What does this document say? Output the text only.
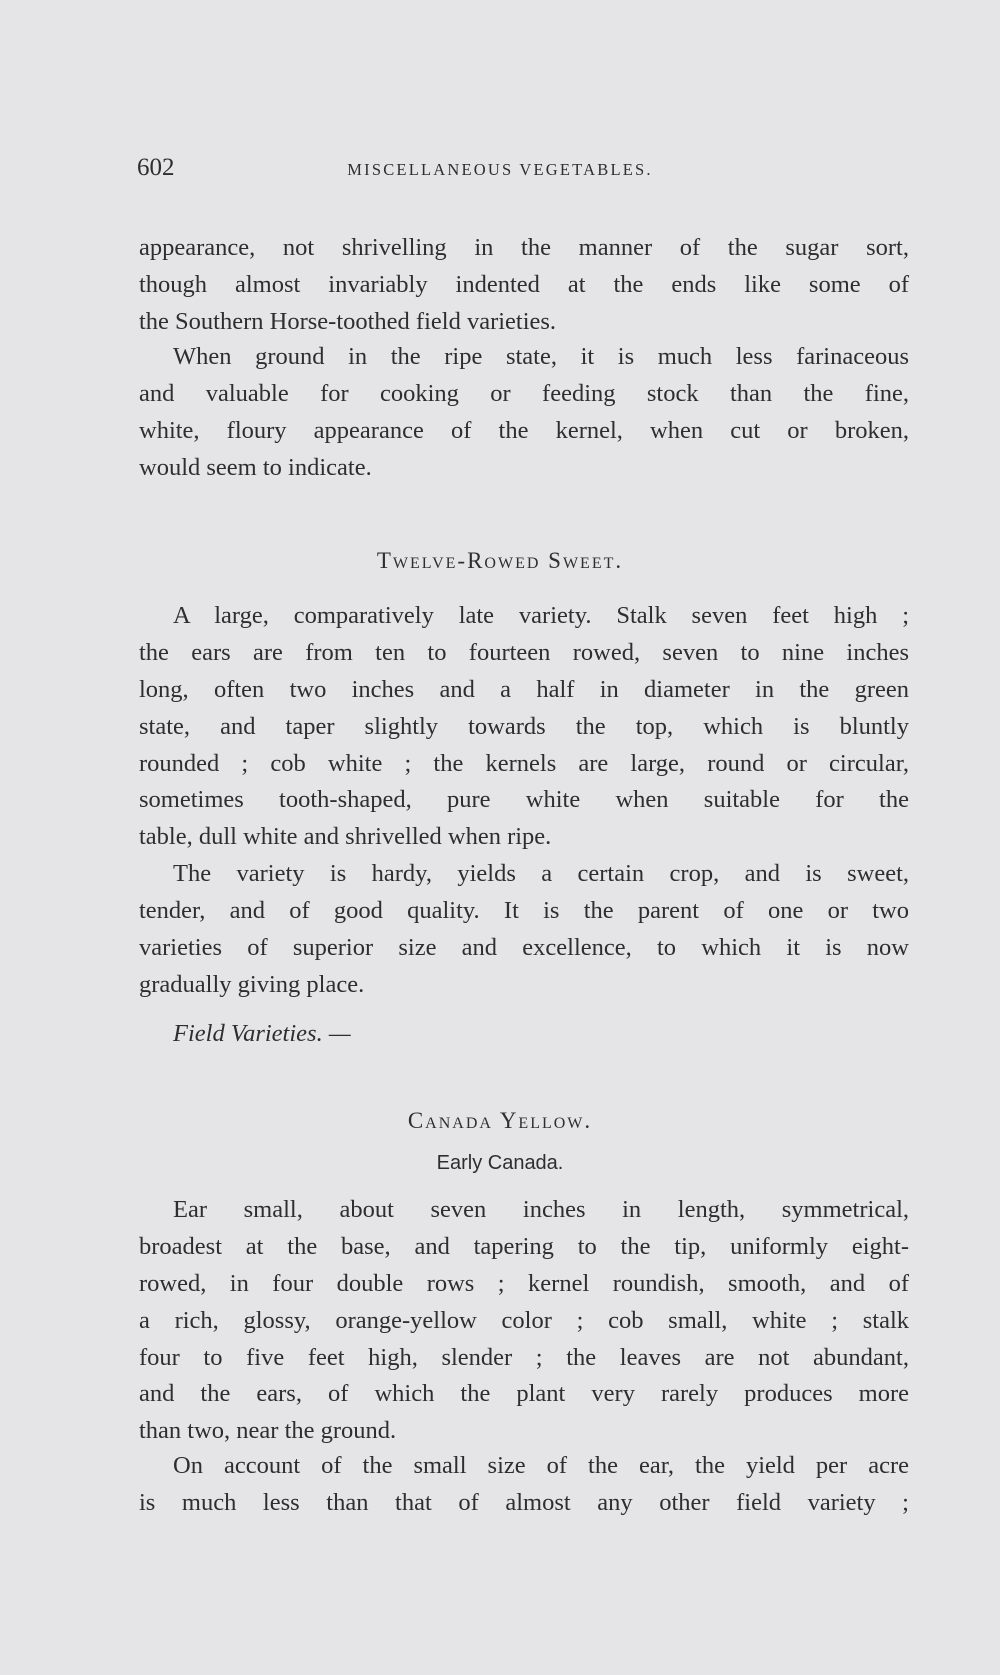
602	MISCELLANEOUS VEGETABLES.
appearance, not shrivelling in the manner of the sugar sort,
though almost invariably indented at the ends like some of
the Southern Horse-toothed field varieties.
When ground in the ripe state, it is much less farinaceous
and valuable for cooking or feeding stock than the fine,
white, floury appearance of the kernel, when cut or broken,
would seem to indicate.
Twelve-Rowed Sweet.
A large, comparatively late variety. Stalk seven feet high ;
the ears are from ten to fourteen rowed, seven to nine inches
long, often two inches and a half in diameter in the green
state, and taper slightly towards the top, which is bluntly
rounded ; cob white ; the kernels are large, round or circular,
sometimes tooth-shaped, pure white when suitable for the
table, dull white and shrivelled when ripe.
The variety is hardy, yields a certain crop, and is sweet,
tender, and of good quality. It is the parent of one or two
varieties of superior size and excellence, to which it is now
gradually giving place.
Field Varieties. —
Canada Yellow.
Early Canada.
Ear small, about seven inches in length, symmetrical,
broadest at the base, and tapering to the tip, uniformly eight-
rowed, in four double rows ; kernel roundish, smooth, and of
a rich, glossy, orange-yellow color ; cob small, white ; stalk
four to five feet high, slender ; the leaves are not abundant,
and the ears, of which the plant very rarely produces more
than two, near the ground.
On account of the small size of the ear, the yield per acre
is much less than that of almost any other field variety ;
